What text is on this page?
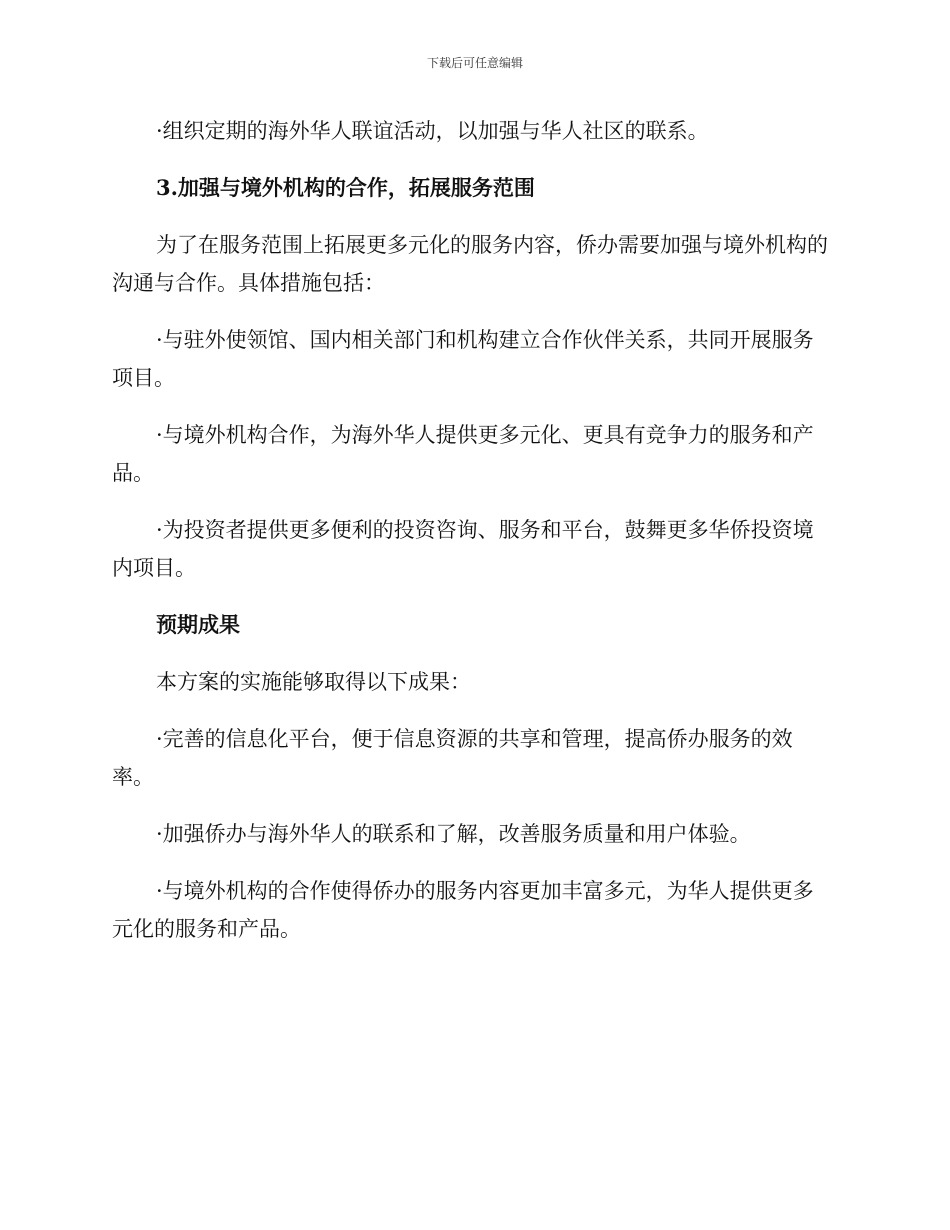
下载后可任意编辑

·组织定期的海外华人联谊活动，以加强与华人社区的联系。

3.加强与境外机构的合作，拓展服务范围

为了在服务范围上拓展更多元化的服务内容，侨办需要加强与境外机构的沟通与合作。具体措施包括：

·与驻外使领馆、国内相关部门和机构建立合作伙伴关系，共同开展服务项目。

·与境外机构合作，为海外华人提供更多元化、更具有竞争力的服务和产品。

·为投资者提供更多便利的投资咨询、服务和平台，鼓舞更多华侨投资境内项目。

预期成果

本方案的实施能够取得以下成果：

·完善的信息化平台，便于信息资源的共享和管理，提高侨办服务的效率。

·加强侨办与海外华人的联系和了解，改善服务质量和用户体验。

·与境外机构的合作使得侨办的服务内容更加丰富多元，为华人提供更多元化的服务和产品。
